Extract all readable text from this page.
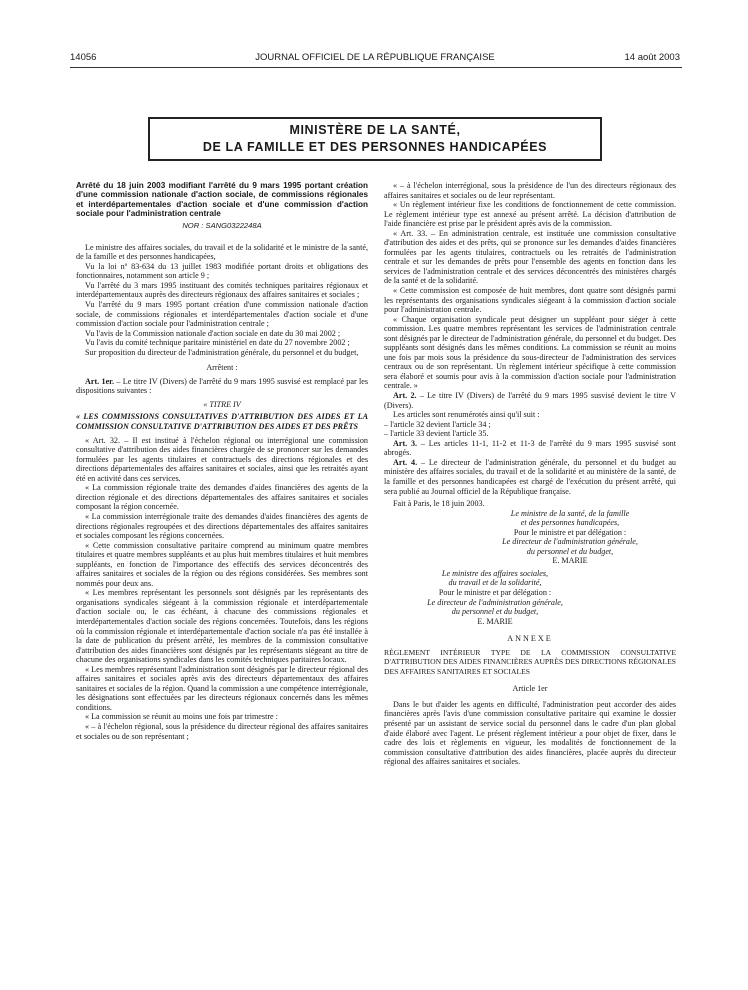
14056	JOURNAL OFFICIEL DE LA RÉPUBLIQUE FRANÇAISE	14 août 2003
MINISTÈRE DE LA SANTÉ,
DE LA FAMILLE ET DES PERSONNES HANDICAPÉES

Arrêté du 18 juin 2003 modifiant l'arrêté du 9 mars 1995 portant création d'une commission nationale d'action sociale, de commissions régionales et interdépartementales d'action sociale et d'une commission d'action sociale pour l'administration centrale

NOR : SANG0322248A

Le ministre des affaires sociales, du travail et de la solidarité et le ministre de la santé, de la famille et des personnes handicapées,

Vu la loi nº 83-634 du 13 juillet 1983 modifiée portant droits et obligations des fonctionnaires, notamment son article 9 ;

Vu l'arrêté du 3 mars 1995 instituant des comités techniques paritaires régionaux et interdépartementaux auprès des directeurs régionaux des affaires sanitaires et sociales ;

Vu l'arrêté du 9 mars 1995 portant création d'une commission nationale d'action sociale, de commissions régionales et interdépartementales d'action sociale et d'une commission d'action sociale pour l'administration centrale ;

Vu l'avis de la Commission nationale d'action sociale en date du 30 mai 2002 ;

Vu l'avis du comité technique paritaire ministériel en date du 27 novembre 2002 ;

Sur proposition du directeur de l'administration générale, du personnel et du budget,

Arrêtent :

Art. 1er. – Le titre IV (Divers) de l'arrêté du 9 mars 1995 susvisé est remplacé par les dispositions suivantes :

« TITRE IV

« LES COMMISSIONS CONSULTATIVES D'ATTRIBUTION DES AIDES ET LA COMMISSION CONSULTATIVE D'ATTRIBUTION DES AIDES ET DES PRÊTS

« Art. 32. – Il est institué à l'échelon régional ou interrégional une commission consultative d'attribution des aides financières chargée de se prononcer sur les demandes formulées par les agents titulaires et contractuels des directions régionales et des directions départementales des affaires sanitaires et sociales, ainsi que les retraités ayant été en activité dans ces services.

« La commission régionale traite des demandes d'aides financières des agents de la direction régionale et des directions départementales des affaires sanitaires et sociales composant la région concernée.

« La commission interrégionale traite des demandes d'aides financières des agents de directions régionales regroupées et des directions départementales des affaires sanitaires et sociales composant les régions concernées.

« Cette commission consultative paritaire comprend au minimum quatre membres titulaires et quatre membres suppléants et au plus huit membres titulaires et huit membres suppléants, en fonction de l'importance des effectifs des services déconcentrés des affaires sanitaires et sociales de la région ou des régions considérées. Ses membres sont nommés pour deux ans.

« Les membres représentant les personnels sont désignés par les représentants des organisations syndicales siégeant à la commission régionale et interdépartementale d'action sociale ou, le cas échéant, à chacune des commissions régionales et interdépartementales d'action sociale des régions concernées. Toutefois, dans les régions où la commission régionale et interdépartementale d'action sociale n'a pas été installée à la date de publication du présent arrêté, les membres de la commission consultative d'attribution des aides financières sont désignés par les représentants siégeant au titre de chacune des organisations syndicales dans les comités techniques paritaires locaux.

« Les membres représentant l'administration sont désignés par le directeur régional des affaires sanitaires et sociales après avis des directeurs départementaux des affaires sanitaires et sociales de la région. Quand la commission a une compétence interrégionale, les désignations sont effectuées par les directeurs régionaux concernés dans les mêmes conditions.

« La commission se réunit au moins une fois par trimestre :

« – à l'échelon régional, sous la présidence du directeur régional des affaires sanitaires et sociales ou de son représentant ;

« – à l'échelon interrégional, sous la présidence de l'un des directeurs régionaux des affaires sanitaires et sociales ou de leur représentant.

« Un règlement intérieur fixe les conditions de fonctionnement de cette commission. Le règlement intérieur type est annexé au présent arrêté. La décision d'attribution de l'aide financière est prise par le président après avis de la commission.

« Art. 33. – En administration centrale, est instituée une commission consultative d'attribution des aides et des prêts, qui se prononce sur les demandes d'aides financières formulées par les agents titulaires, contractuels ou les retraités de l'administration centrale et sur les demandes de prêts pour l'ensemble des agents en fonction dans les services de l'administration centrale et des services déconcentrés des ministères chargés de la santé et de la solidarité.

« Cette commission est composée de huit membres, dont quatre sont désignés parmi les représentants des organisations syndicales siégeant à la commission d'action sociale pour l'administration centrale.

« Chaque organisation syndicale peut désigner un suppléant pour siéger à cette commission. Les quatre membres représentant les services de l'administration centrale sont désignés par le directeur de l'administration générale, du personnel et du budget. Des suppléants sont désignés dans les mêmes conditions. La commission se réunit au moins une fois par mois sous la présidence du sous-directeur de l'administration des services centraux ou de son représentant. Un règlement intérieur spécifique à cette commission sera élaboré et soumis pour avis à la commission d'action sociale pour l'administration centrale. »

Art. 2. – Le titre IV (Divers) de l'arrêté du 9 mars 1995 susvisé devient le titre V (Divers).

Les articles sont renumérotés ainsi qu'il suit :

– l'article 32 devient l'article 34 ;

– l'article 33 devient l'article 35.

Art. 3. – Les articles 11-1, 11-2 et 11-3 de l'arrêté du 9 mars 1995 susvisé sont abrogés.

Art. 4. – Le directeur de l'administration générale, du personnel et du budget au ministère des affaires sociales, du travail et de la solidarité et au ministère de la santé, de la famille et des personnes handicapées est chargé de l'exécution du présent arrêté, qui sera publié au Journal officiel de la République française.

Fait à Paris, le 18 juin 2003.

Le ministre de la santé, de la famille
et des personnes handicapées,
Pour le ministre et par délégation :
Le directeur de l'administration générale,
du personnel et du budget,
E. MARIE
Le ministre des affaires sociales,
du travail et de la solidarité,
Pour le ministre et par délégation :
Le directeur de l'administration générale,
du personnel et du budget,
E. MARIE

ANNEXE

RÈGLEMENT INTÉRIEUR TYPE DE LA COMMISSION CONSULTATIVE D'ATTRIBUTION DES AIDES FINANCIÈRES AUPRÈS DES DIRECTIONS RÉGIONALES DES AFFAIRES SANITAIRES ET SOCIALES

Article 1er

Dans le but d'aider les agents en difficulté, l'administration peut accorder des aides financières après l'avis d'une commission consultative paritaire qui examine le dossier présenté par un assistant de service social du personnel dans le cadre d'un plan global d'aide élaboré avec l'agent. Le présent règlement intérieur a pour objet de fixer, dans le cadre des lois et règlements en vigueur, les modalités de fonctionnement de la commission consultative d'attribution des aides financières, placée auprès du directeur régional des affaires sanitaires et sociales.
